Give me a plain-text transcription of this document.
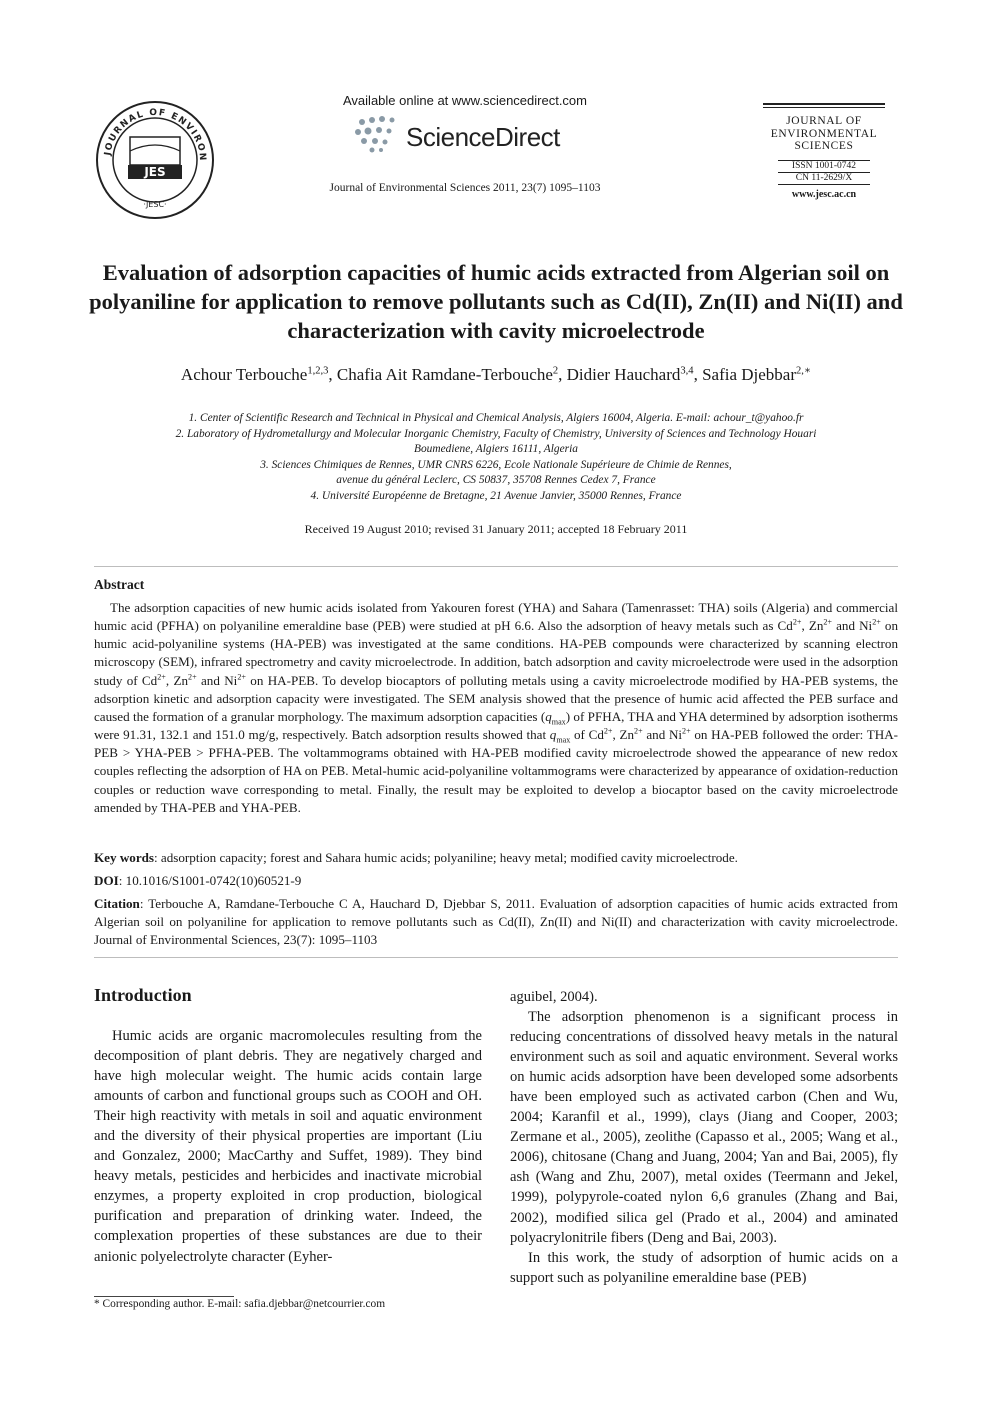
JOURNAL OF ENVIRON
JES
·JESC·
Available online at www.sciencedirect.com
ScienceDirect
Journal of Environmental Sciences 2011, 23(7) 1095–1103
JOURNAL OF
ENVIRONMENTAL
SCIENCES
ISSN 1001-0742
CN 11-2629/X
www.jesc.ac.cn
Evaluation of adsorption capacities of humic acids extracted from Algerian soil on polyaniline for application to remove pollutants such as Cd(II), Zn(II) and Ni(II) and characterization with cavity microelectrode
Achour Terbouche$^{1,2,3}$, Chafia Ait Ramdane-Terbouche$^2$, Didier Hauchard$^{3,4}$, Safia Djebbar$^{2,∗}$
1. Center of Scientific Research and Technical in Physical and Chemical Analysis, Algiers 16004, Algeria. E-mail: achour_t@yahoo.fr
2. Laboratory of Hydrometallurgy and Molecular Inorganic Chemistry, Faculty of Chemistry, University of Sciences and Technology Houari
Boumediene, Algiers 16111, Algeria
3. Sciences Chimiques de Rennes, UMR CNRS 6226, Ecole Nationale Supérieure de Chimie de Rennes,
avenue du général Leclerc, CS 50837, 35708 Rennes Cedex 7, France
4. Université Européenne de Bretagne, 21 Avenue Janvier, 35000 Rennes, France
Received 19 August 2010; revised 31 January 2011; accepted 18 February 2011
Abstract
The adsorption capacities of new humic acids isolated from Yakouren forest (YHA) and Sahara (Tamenrasset: THA) soils (Algeria) and commercial humic acid (PFHA) on polyaniline emeraldine base (PEB) were studied at pH 6.6. Also the adsorption of heavy metals such as $Cd^{2+}$, $Zn^{2+}$ and $Ni^{2+}$ on humic acid-polyaniline systems (HA-PEB) was investigated at the same conditions. HA-PEB compounds were characterized by scanning electron microscopy (SEM), infrared spectrometry and cavity microelectrode. In addition, batch adsorption and cavity microelectrode were used in the adsorption study of $Cd^{2+}$, $Zn^{2+}$ and $Ni^{2+}$ on HA-PEB. To develop biocaptors of polluting metals using a cavity microelectrode modified by HA-PEB systems, the adsorption kinetic and adsorption capacity were investigated. The SEM analysis showed that the presence of humic acid affected the PEB surface and caused the formation of a granular morphology. The maximum adsorption capacities $(q_{max})$ of PFHA, THA and YHA determined by adsorption isotherms were 91.31, 132.1 and 151.0 mg/g, respectively. Batch adsorption results showed that $q_{max}$ of $Cd^{2+}$, $Zn^{2+}$ and $Ni^{2+}$ on HA-PEB followed the order: THA-PEB > YHA-PEB > PFHA-PEB. The voltammograms obtained with HA-PEB modified cavity microelectrode showed the appearance of new redox couples reflecting the adsorption of HA on PEB. Metal-humic acid-polyaniline voltammograms were characterized by appearance of oxidation-reduction couples or reduction wave corresponding to metal. Finally, the result may be exploited to develop a biocaptor based on the cavity microelectrode amended by THA-PEB and YHA-PEB.
Key words: adsorption capacity; forest and Sahara humic acids; polyaniline; heavy metal; modified cavity microelectrode.
DOI: 10.1016/S1001-0742(10)60521-9
Citation: Terbouche A, Ramdane-Terbouche C A, Hauchard D, Djebbar S, 2011. Evaluation of adsorption capacities of humic acids extracted from Algerian soil on polyaniline for application to remove pollutants such as Cd(II), Zn(II) and Ni(II) and characterization with cavity microelectrode. Journal of Environmental Sciences, 23(7): 1095–1103
Introduction

Humic acids are organic macromolecules resulting from the decomposition of plant debris. They are negatively charged and have high molecular weight. The humic acids contain large amounts of carbon and functional groups such as COOH and OH. Their high reactivity with metals in soil and aquatic environment and the diversity of their physical properties are important (Liu and Gonzalez, 2000; MacCarthy and Suffet, 1989). They bind heavy metals, pesticides and herbicides and inactivate microbial enzymes, a property exploited in crop production, biological purification and preparation of drinking water. Indeed, the complexation properties of these substances are due to their anionic polyelectrolyte character (Eyher-

aguibel, 2004).

The adsorption phenomenon is a significant process in reducing concentrations of dissolved heavy metals in the natural environment such as soil and aquatic environment. Several works on humic acids adsorption have been developed some adsorbents have been employed such as activated carbon (Chen and Wu, 2004; Karanfil et al., 1999), clays (Jiang and Cooper, 2003; Zermane et al., 2005), zeolithe (Capasso et al., 2005; Wang et al., 2006), chitosane (Chang and Juang, 2004; Yan and Bai, 2005), fly ash (Wang and Zhu, 2007), metal oxides (Teermann and Jekel, 1999), polypyrole-coated nylon 6,6 granules (Zhang and Bai, 2002), modified silica gel (Prado et al., 2004) and aminated polyacrylonitrile fibers (Deng and Bai, 2003).

In this work, the study of adsorption of humic acids on a support such as polyaniline emeraldine base (PEB)

* Corresponding author. E-mail: safia.djebbar@netcourrier.com
